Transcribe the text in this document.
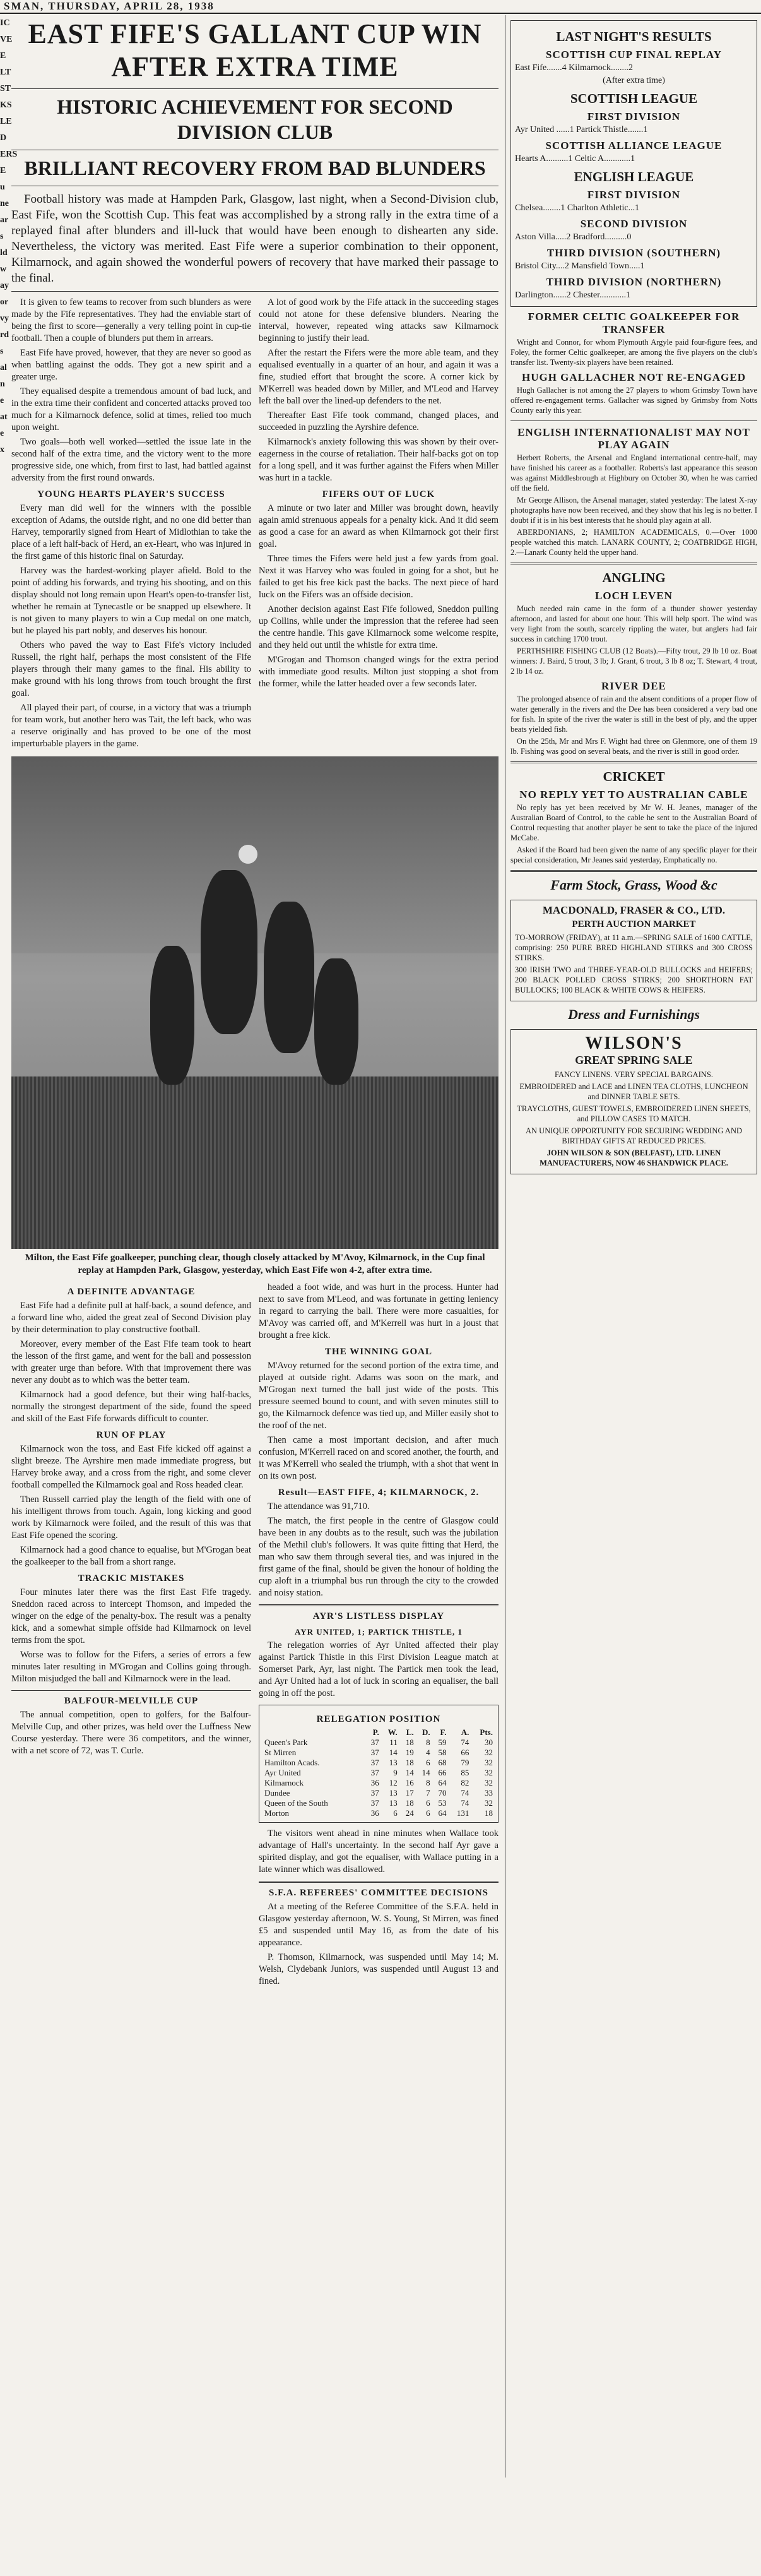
SMAN, THURSDAY, APRIL 28, 1938
IC
VE
E
LT
ST
KS
LE
D
ERS
E
u
ne
ar
s
ld
w
ay
or
vy
rd
s
al
n
e
at
e
x
EAST FIFE'S GALLANT CUP WIN AFTER EXTRA TIME
HISTORIC ACHIEVEMENT FOR SECOND DIVISION CLUB
BRILLIANT RECOVERY FROM BAD BLUNDERS
Football history was made at Hampden Park, Glasgow, last night, when a Second-Division club, East Fife, won the Scottish Cup. This feat was accomplished by a strong rally in the extra time of a replayed final after blunders and ill-luck that would have been enough to dishearten any side. Nevertheless, the victory was merited. East Fife were a superior combination to their opponent, Kilmarnock, and again showed the wonderful powers of recovery that have marked their passage to the final.

It is given to few teams to recover from such blunders as were made by the Fife representatives. They had the enviable start of being the first to score—generally a very telling point in cup-tie football. Then a couple of blunders put them in arrears.

East Fife have proved, however, that they are never so good as when battling against the odds. They got a new spirit and a greater urge.

They equalised despite a tremendous amount of bad luck, and in the extra time their confident and concerted attacks proved too much for a Kilmarnock defence, solid at times, relied too much upon weight.

Two goals—both well worked—settled the issue late in the second half of the extra time, and the victory went to the more progressive side, one which, from first to last, had battled against adversity from the first round onwards.

YOUNG HEARTS PLAYER'S SUCCESS

Every man did well for the winners with the possible exception of Adams, the outside right, and no one did better than Harvey, temporarily signed from Heart of Midlothian to take the place of a left half-back of Herd, an ex-Heart, who was injured in the first game of this historic final on Saturday.

Harvey was the hardest-working player afield. Bold to the point of adding his forwards, and trying his shooting, and on this display should not long remain upon Heart's open-to-transfer list, whether he remain at Tynecastle or be snapped up elsewhere. It is not given to many players to win a Cup medal on one match, but he played his part nobly, and deserves his honour.

Others who paved the way to East Fife's victory included Russell, the right half, perhaps the most consistent of the Fife players through their many games to the final. His ability to make ground with his long throws from touch brought the first goal.

All played their part, of course, in a victory that was a triumph for team work, but another hero was Tait, the left back, who was a reserve originally and has proved to be one of the most imperturbable players in the game.

A lot of good work by the Fife attack in the succeeding stages could not atone for these defensive blunders. Nearing the interval, however, repeated wing attacks saw Kilmarnock beginning to justify their lead.

After the restart the Fifers were the more able team, and they equalised eventually in a quarter of an hour, and again it was a fine, studied effort that brought the score. A corner kick by M'Kerrell was headed down by Miller, and M'Leod and Harvey left the ball over the lined-up defenders to the net.

Thereafter East Fife took command, changed places, and succeeded in puzzling the Ayrshire defence.

Kilmarnock's anxiety following this was shown by their over-eagerness in the course of retaliation. Their half-backs got on top for a long spell, and it was further against the Fifers when Miller was hurt in a tackle.

FIFERS OUT OF LUCK

A minute or two later and Miller was brought down, heavily again amid strenuous appeals for a penalty kick. And it did seem as good a case for an award as when Kilmarnock got their first goal.

Three times the Fifers were held just a few yards from goal. Next it was Harvey who was fouled in going for a shot, but he failed to get his free kick past the backs. The next piece of hard luck on the Fifers was an offside decision.

Another decision against East Fife followed, Sneddon pulling up Collins, while under the impression that the referee had seen the centre handle. This gave Kilmarnock some welcome respite, and they held out until the whistle for extra time.

M'Grogan and Thomson changed wings for the extra period with immediate good results. Milton just stopping a shot from the former, while the latter headed over a few seconds later.

Milton, the East Fife goalkeeper, punching clear, though closely attacked by M'Avoy, Kilmarnock, in the Cup final replay at Hampden Park, Glasgow, yesterday, which East Fife won 4-2, after extra time.
A DEFINITE ADVANTAGE

East Fife had a definite pull at half-back, a sound defence, and a forward line who, aided the great zeal of Second Division play by their determination to play constructive football.

Moreover, every member of the East Fife team took to heart the lesson of the first game, and went for the ball and possession with greater urge than before. With that improvement there was never any doubt as to which was the better team.

Kilmarnock had a good defence, but their wing half-backs, normally the strongest department of the side, found the speed and skill of the East Fife forwards difficult to counter.

RUN OF PLAY

Kilmarnock won the toss, and East Fife kicked off against a slight breeze. The Ayrshire men made immediate progress, but Harvey broke away, and a cross from the right, and some clever football compelled the Kilmarnock goal and Ross headed clear.

Then Russell carried play the length of the field with one of his intelligent throws from touch. Again, long kicking and good work by Kilmarnock were foiled, and the result of this was that East Fife opened the scoring.

Kilmarnock had a good chance to equalise, but M'Grogan beat the goalkeeper to the ball from a short range.

TRACKIC MISTAKES

Four minutes later there was the first East Fife tragedy. Sneddon raced across to intercept Thomson, and impeded the winger on the edge of the penalty-box. The result was a penalty kick, and a somewhat simple offside had Kilmarnock on level terms from the spot.

Worse was to follow for the Fifers, a series of errors a few minutes later resulting in M'Grogan and Collins going through. Milton misjudged the ball and Kilmarnock were in the lead.

BALFOUR-MELVILLE CUP

The annual competition, open to golfers, for the Balfour-Melville Cup, and other prizes, was held over the Luffness New Course yesterday. There were 36 competitors, and the winner, with a net score of 72, was T. Curle.

headed a foot wide, and was hurt in the process. Hunter had next to save from M'Leod, and was fortunate in getting leniency in regard to carrying the ball. There were more casualties, for M'Avoy was carried off, and M'Kerrell was hurt in a joust that brought a free kick.

THE WINNING GOAL

M'Avoy returned for the second portion of the extra time, and played at outside right. Adams was soon on the mark, and M'Grogan next turned the ball just wide of the posts. This pressure seemed bound to count, and with seven minutes still to go, the Kilmarnock defence was tied up, and Miller easily shot to the roof of the net.

Then came a most important decision, and after much confusion, M'Kerrell raced on and scored another, the fourth, and it was M'Kerrell who sealed the triumph, with a shot that went in on its own post.

Result—EAST FIFE, 4; KILMARNOCK, 2.

The attendance was 91,710.

The match, the first people in the centre of Glasgow could have been in any doubts as to the result, such was the jubilation of the Methil club's followers. It was quite fitting that Herd, the man who saw them through several ties, and was injured in the first game of the final, should be given the honour of holding the cup aloft in a triumphal bus run through the city to the crowded and noisy station.

AYR'S LISTLESS DISPLAY
AYR UNITED, 1; PARTICK THISTLE, 1

The relegation worries of Ayr United affected their play against Partick Thistle in this First Division League match at Somerset Park, Ayr, last night. The Partick men took the lead, and Ayr United had a lot of luck in scoring an equaliser, the ball going in off the post.

RELEGATION POSITION
	P.	W.	L.	D.	F.	A.	Pts.
Queen's Park	37	11	18	8	59	74	30
St Mirren	37	14	19	4	58	66	32
Hamilton Acads.	37	13	18	6	68	79	32
Ayr United	37	9	14	14	66	85	32
Kilmarnock	36	12	16	8	64	82	32
Dundee	37	13	17	7	70	74	33
Queen of the South	37	13	18	6	53	74	32
Morton	36	6	24	6	64	131	18

The visitors went ahead in nine minutes when Wallace took advantage of Hall's uncertainty. In the second half Ayr gave a spirited display, and got the equaliser, with Wallace putting in a late winner which was disallowed.

S.F.A. REFEREES' COMMITTEE DECISIONS

At a meeting of the Referee Committee of the S.F.A. held in Glasgow yesterday afternoon, W. S. Young, St Mirren, was fined £5 and suspended until May 16, as from the date of his appearance.

P. Thomson, Kilmarnock, was suspended until May 14; M. Welsh, Clydebank Juniors, was suspended until August 13 and fined.

LAST NIGHT'S RESULTS
SCOTTISH CUP FINAL REPLAY
East Fife.......4 Kilmarnock........2
(After extra time)
SCOTTISH LEAGUE
FIRST DIVISION
Ayr United ......1 Partick Thistle.......1
SCOTTISH ALLIANCE LEAGUE
Hearts A..........1 Celtic A............1
ENGLISH LEAGUE
FIRST DIVISION
Chelsea........1 Charlton Athletic...1
SECOND DIVISION
Aston Villa.....2 Bradford..........0
THIRD DIVISION (SOUTHERN)
Bristol City....2 Mansfield Town.....1
THIRD DIVISION (NORTHERN)
Darlington......2 Chester............1
FORMER CELTIC GOALKEEPER FOR TRANSFER
Wright and Connor, for whom Plymouth Argyle paid four-figure fees, and Foley, the former Celtic goalkeeper, are among the five players on the club's transfer list. Twenty-six players have been retained.
HUGH GALLACHER NOT RE-ENGAGED
Hugh Gallacher is not among the 27 players to whom Grimsby Town have offered re-engagement terms. Gallacher was signed by Grimsby from Notts County early this year.
ENGLISH INTERNATIONALIST MAY NOT PLAY AGAIN
Herbert Roberts, the Arsenal and England international centre-half, may have finished his career as a footballer. Roberts's last appearance this season was against Middlesbrough at Highbury on October 30, when he was carried off the field.
Mr George Allison, the Arsenal manager, stated yesterday: The latest X-ray photographs have now been received, and they show that his leg is no better. I doubt if it is in his best interests that he should play again at all.
ABERDONIANS, 2; HAMILTON ACADEMICALS, 0.—Over 1000 people watched this match. LANARK COUNTY, 2; COATBRIDGE HIGH, 2.—Lanark County held the upper hand.
ANGLING
LOCH LEVEN
Much needed rain came in the form of a thunder shower yesterday afternoon, and lasted for about one hour. This will help sport. The wind was very light from the south, scarcely rippling the water, but anglers had fair success in catching 1700 trout.
PERTHSHIRE FISHING CLUB (12 Boats).—Fifty trout, 29 lb 10 oz. Boat winners: J. Baird, 5 trout, 3 lb; J. Grant, 6 trout, 3 lb 8 oz; T. Stewart, 4 trout, 2 lb 14 oz.
RIVER DEE
The prolonged absence of rain and the absent conditions of a proper flow of water generally in the rivers and the Dee has been considered a very bad one for fish. In spite of the river the water is still in the best of ply, and the upper beats yielded fish.
On the 25th, Mr and Mrs F. Wight had three on Glenmore, one of them 19 lb. Fishing was good on several beats, and the river is still in good order.
CRICKET
NO REPLY YET TO AUSTRALIAN CABLE
No reply has yet been received by Mr W. H. Jeanes, manager of the Australian Board of Control, to the cable he sent to the Australian Board of Control requesting that another player be sent to take the place of the injured McCabe.
Asked if the Board had been given the name of any specific player for their special consideration, Mr Jeanes said yesterday, Emphatically no.
Farm Stock, Grass, Wood &c
MACDONALD, FRASER & CO., LTD.
PERTH AUCTION MARKET
TO-MORROW (FRIDAY), at 11 a.m.—SPRING SALE of 1600 CATTLE, comprising: 250 PURE BRED HIGHLAND STIRKS and 300 CROSS STIRKS.
300 IRISH TWO and THREE-YEAR-OLD BULLOCKS and HEIFERS; 200 BLACK POLLED CROSS STIRKS; 200 SHORTHORN FAT BULLOCKS; 100 BLACK & WHITE COWS & HEIFERS.
Dress and Furnishings
WILSON'S
GREAT SPRING SALE
FANCY LINENS. VERY SPECIAL BARGAINS.
EMBROIDERED and LACE and LINEN TEA CLOTHS, LUNCHEON and DINNER TABLE SETS.
TRAYCLOTHS, GUEST TOWELS, EMBROIDERED LINEN SHEETS, and PILLOW CASES TO MATCH.
AN UNIQUE OPPORTUNITY FOR SECURING WEDDING AND BIRTHDAY GIFTS AT REDUCED PRICES.
JOHN WILSON & SON (BELFAST), LTD. LINEN MANUFACTURERS, NOW 46 SHANDWICK PLACE.
